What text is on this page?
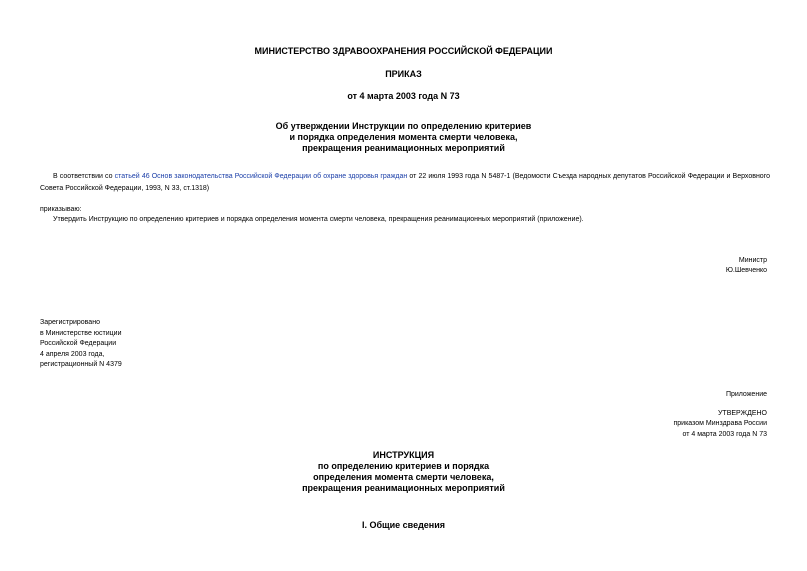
МИНИСТЕРСТВО ЗДРАВООХРАНЕНИЯ РОССИЙСКОЙ ФЕДЕРАЦИИ
ПРИКАЗ
от 4 марта 2003 года N 73
Об утверждении Инструкции по определению критериев
и порядка определения момента смерти человека,
прекращения реанимационных мероприятий
В соответствии со статьей 46 Основ законодательства Российской Федерации об охране здоровья граждан от 22 июля 1993 года N 5487-1 (Ведомости Съезда народных депутатов Российской Федерации и Верховного Совета Российской Федерации, 1993, N 33, ст.1318)
приказываю:
Утвердить Инструкцию по определению критериев и порядка определения момента смерти человека, прекращения реанимационных мероприятий (приложение).
Министр
Ю.Шевченко
Зарегистрировано
в Министерстве юстиции
Российской Федерации
4 апреля 2003 года,
регистрационный N 4379
Приложение
УТВЕРЖДЕНО
приказом Минздрава России
от 4 марта 2003 года N 73
ИНСТРУКЦИЯ
по определению критериев и порядка
определения момента смерти человека,
прекращения реанимационных мероприятий
I. Общие сведения
